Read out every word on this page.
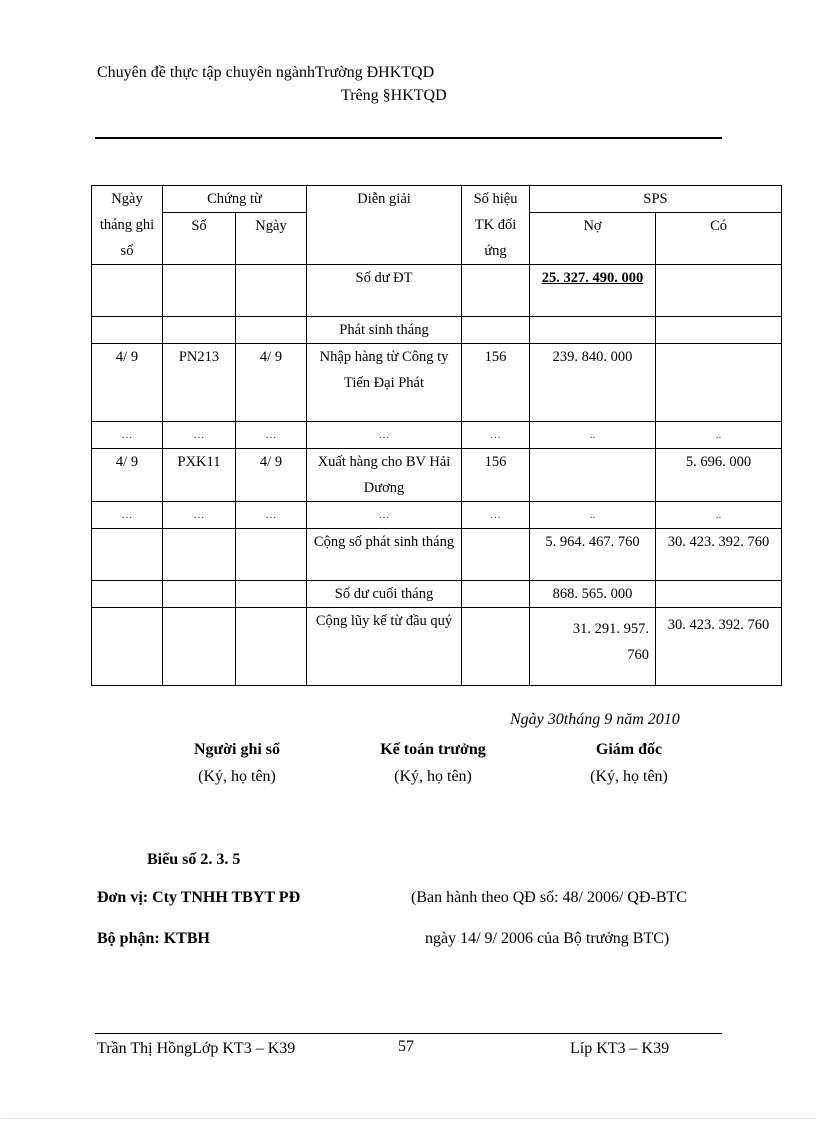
Chuyên đề thực tập chuyên ngànhTrường ĐHKTQD
Trêng §HKTQD
Ngày tháng ghi sổ	Chứng từ		Diễn giải	Số hiệu TK đối ứng	SPS	
	Số	Ngày			Nợ	Có
			Số dư ĐT		25. 327. 490. 000	
			Phát sinh tháng			
4/ 9	PN213	4/ 9	Nhập hàng từ Công ty Tiến Đại Phát	156	239. 840. 000	
…	…	…	…	…	..	..
4/ 9	PXK11	4/ 9	Xuất hàng cho BV Hải Dương	156		5. 696. 000
…	…	…	…	…	..	..
			Cộng số phát sinh tháng		5. 964. 467. 760	30. 423. 392. 760
			Số dư cuối tháng		868. 565. 000	
			Cộng lũy kế từ đầu quý		31. 291. 957. 760	30. 423. 392. 760
Ngày 30tháng 9 năm 2010
Người ghi sổ	Kế toán trưởng	Giám đốc
(Ký, họ tên)	(Ký, họ tên)	(Ký, họ tên)
Biểu số 2. 3. 5
Đơn vị: Cty TNHH TBYT PĐ
Bộ phận: KTBH
(Ban hành theo QĐ số: 48/ 2006/ QĐ-BTC
ngày 14/ 9/ 2006 của Bộ trưởng BTC)
Trần Thị HồngLớp KT3 – K39	57	Líp KT3 – K39
